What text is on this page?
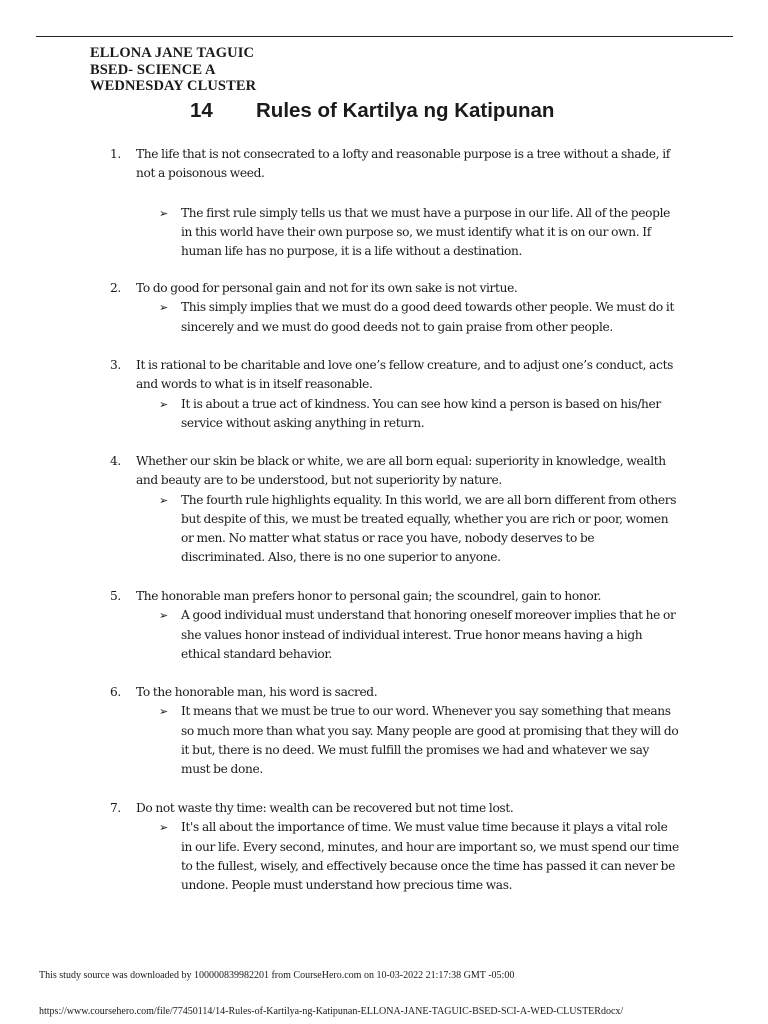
ELLONA JANE TAGUIC
BSED- SCIENCE A
WEDNESDAY CLUSTER
14 Rules of Kartilya ng Katipunan
1.	The life that is not consecrated to a lofty and reasonable purpose is a tree without a shade, if not a poisonous weed.
➢ The first rule simply tells us that we must have a purpose in our life. All of the people in this world have their own purpose so, we must identify what it is on our own. If human life has no purpose, it is a life without a destination.
2.	To do good for personal gain and not for its own sake is not virtue.
➢ This simply implies that we must do a good deed towards other people. We must do it sincerely and we must do good deeds not to gain praise from other people.
3.	It is rational to be charitable and love one’s fellow creature, and to adjust one’s conduct, acts and words to what is in itself reasonable.
➢ It is about a true act of kindness. You can see how kind a person is based on his/her service without asking anything in return.
4.	Whether our skin be black or white, we are all born equal: superiority in knowledge, wealth and beauty are to be understood, but not superiority by nature.
➢ The fourth rule highlights equality. In this world, we are all born different from others but despite of this, we must be treated equally, whether you are rich or poor, women or men. No matter what status or race you have, nobody deserves to be discriminated. Also, there is no one superior to anyone.
5.	The honorable man prefers honor to personal gain; the scoundrel, gain to honor.
➢ A good individual must understand that honoring oneself moreover implies that he or she values honor instead of individual interest. True honor means having a high ethical standard behavior.
6.	To the honorable man, his word is sacred.
➢ It means that we must be true to our word. Whenever you say something that means so much more than what you say. Many people are good at promising that they will do it but, there is no deed. We must fulfill the promises we had and whatever we say must be done.
7.	Do not waste thy time: wealth can be recovered but not time lost.
➢ It's all about the importance of time. We must value time because it plays a vital role in our life. Every second, minutes, and hour are important so, we must spend our time to the fullest, wisely, and effectively because once the time has passed it can never be undone. People must understand how precious time was.
This study source was downloaded by 100000839982201 from CourseHero.com on 10-03-2022 21:17:38 GMT -05:00
https://www.coursehero.com/file/77450114/14-Rules-of-Kartilya-ng-Katipunan-ELLONA-JANE-TAGUIC-BSED-SCI-A-WED-CLUSTERdocx/
